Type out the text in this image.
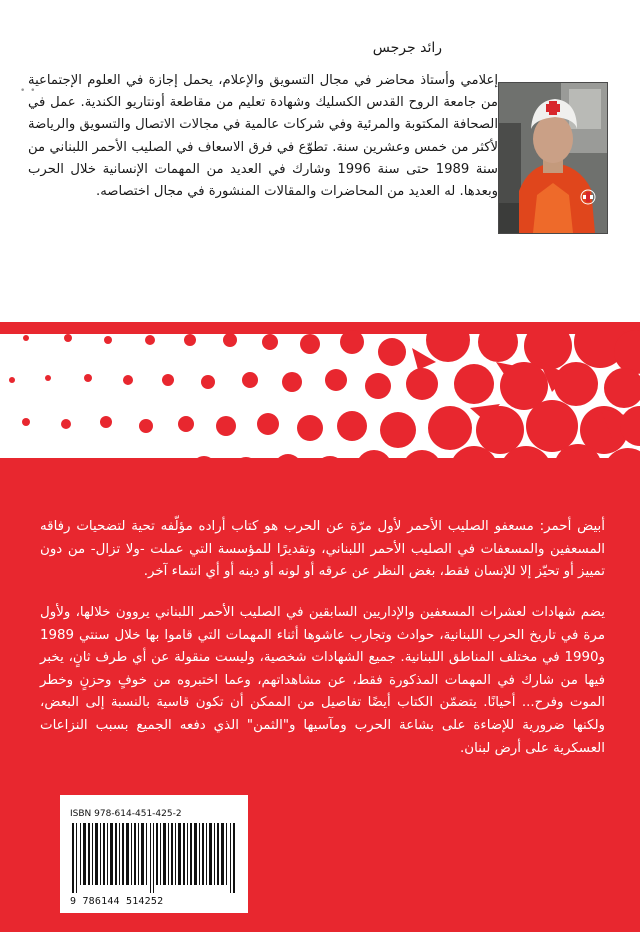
رائد جرجس
• •

إعلامي وأستاذ محاضر في مجال التسويق والإعلام، يحمل إجازة في العلوم الإجتماعية من جامعة الروح القدس الكسليك وشهادة تعليم من مقاطعة أونتاريو الكندية. عمل في الصحافة المكتوبة والمرئية وفي شركات عالمية في مجالات الاتصال والتسويق والرياضة لأكثر من خمس وعشرين سنة. تطوّع في فرق الاسعاف في الصليب الأحمر اللبناني من سنة 1989 حتى سنة 1996 وشارك في العديد من المهمات الإنسانية خلال الحرب وبعدها. له العديد من المحاضرات والمقالات المنشورة في مجال اختصاصه.

أبيض أحمر: مسعفو الصليب الأحمر لأول مرّة عن الحرب هو كتاب أراده مؤلّفه تحية لتضحيات رفاقه المسعفين والمسعفات في الصليب الأحمر اللبناني، وتقديرًا للمؤسسة التي عملت -ولا تزال- من دون تمييز أو تحيّز إلا للإنسان فقط، بغض النظر عن عرقه أو لونه أو دينه أو أي انتماء آخر.

يضم شهادات لعشرات المسعفين والإداريين السابقين في الصليب الأحمر اللبناني يروون خلالها، ولأول مرة في تاريخ الحرب اللبنانية، حوادث وتجارب عاشوها أثناء المهمات التي قاموا بها خلال سنتي 1989 و1990 في مختلف المناطق اللبنانية. جميع الشهادات شخصية، وليست منقولة عن أي طرف ثانٍ، يخبر فيها من شارك في المهمات المذكورة فقط، عن مشاهداتهم، وعما اختبروه من خوفٍ وحزنٍ وخطر الموت وفرح... أحيانًا. يتضمّن الكتاب أيضًا تفاصيل من الممكن أن تكون قاسية بالنسبة إلى البعض، ولكنها ضرورية للإضاءة على بشاعة الحرب ومآسيها و"الثمن" الذي دفعه الجميع بسبب النزاعات العسكرية على أرض لبنان.

ISBN 978-614-451-425-2
9 786144 514252
